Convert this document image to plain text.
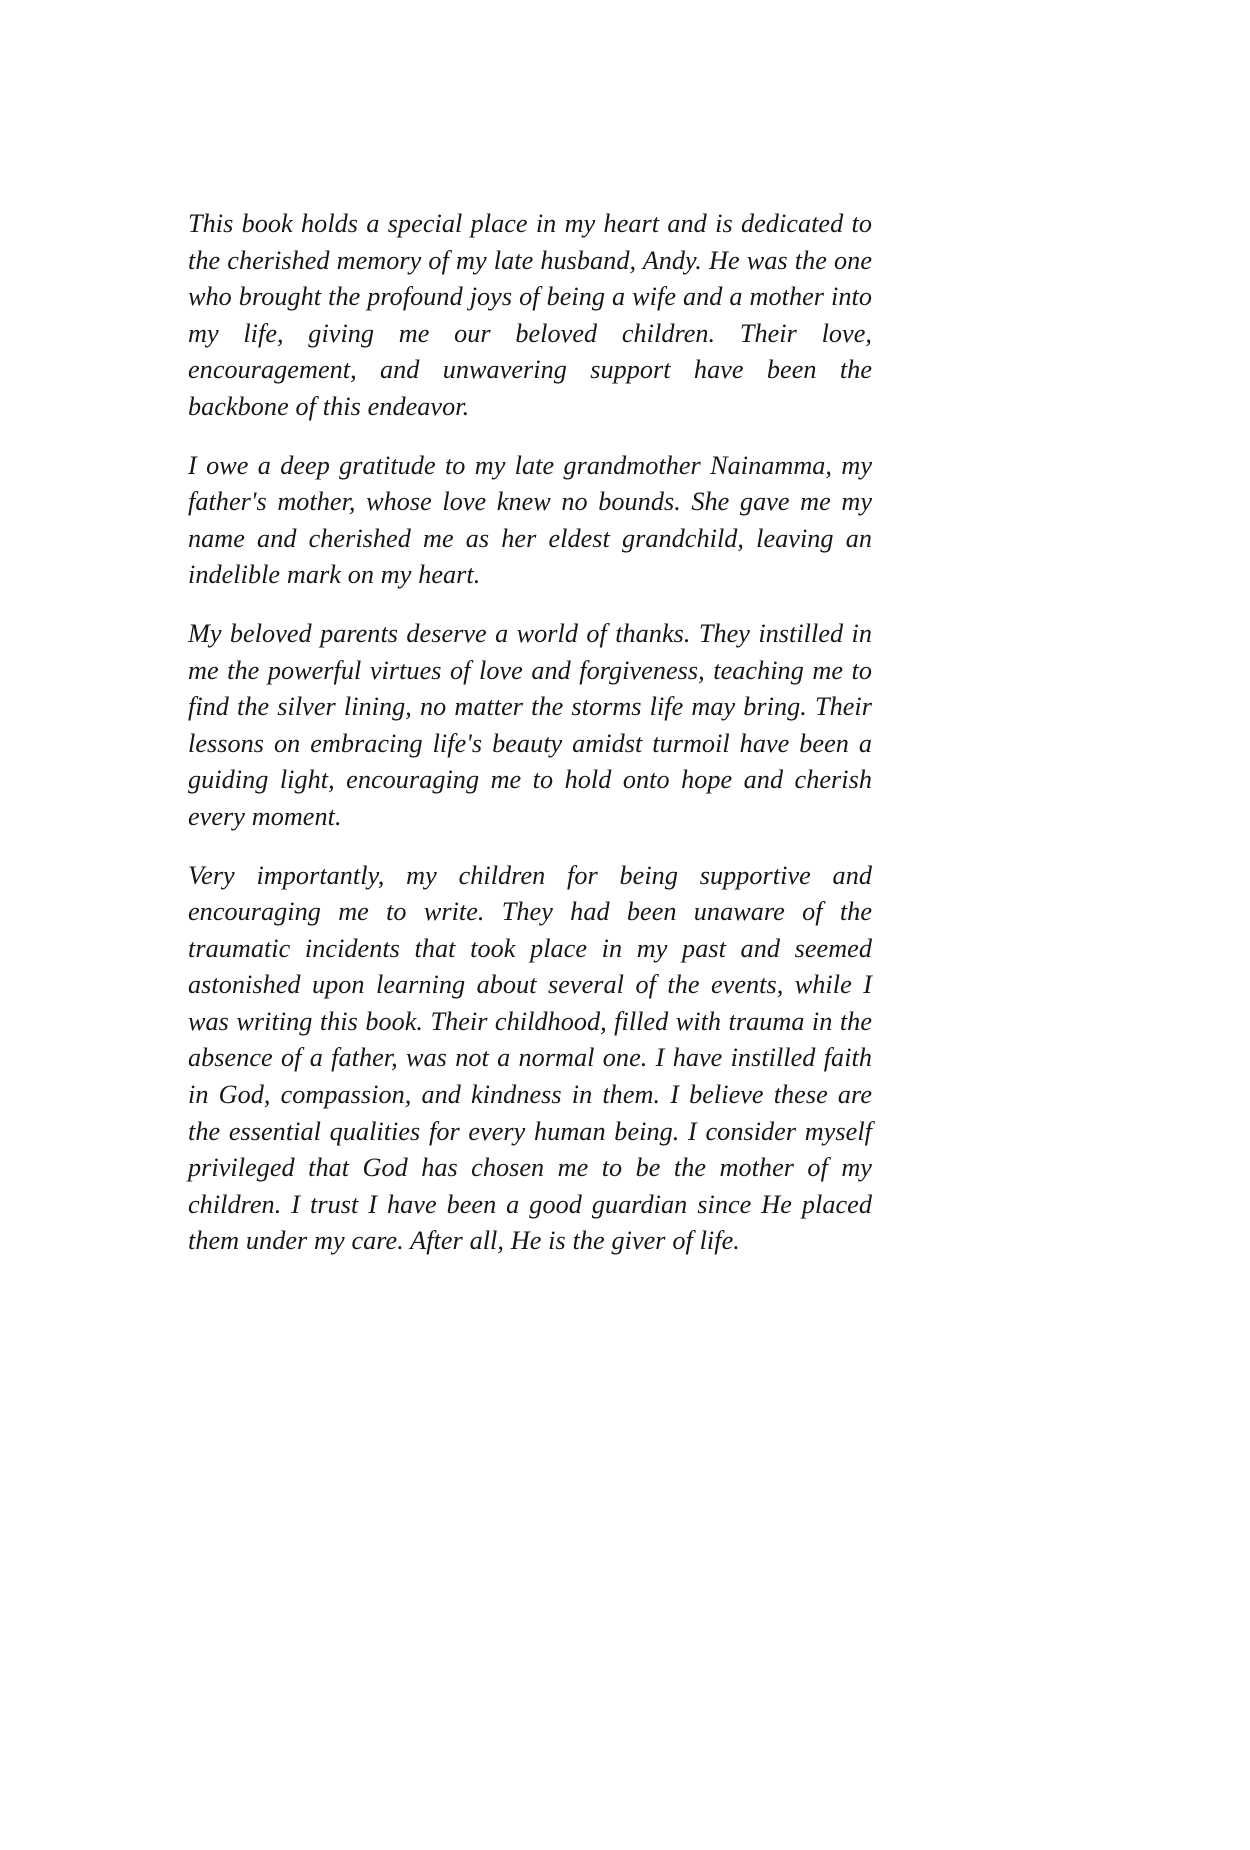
This book holds a special place in my heart and is dedicated to the cherished memory of my late husband, Andy. He was the one who brought the profound joys of being a wife and a mother into my life, giving me our beloved children. Their love, encouragement, and unwavering support have been the backbone of this endeavor.

I owe a deep gratitude to my late grandmother Nainamma, my father's mother, whose love knew no bounds. She gave me my name and cherished me as her eldest grandchild, leaving an indelible mark on my heart.

My beloved parents deserve a world of thanks. They instilled in me the powerful virtues of love and forgiveness, teaching me to find the silver lining, no matter the storms life may bring. Their lessons on embracing life's beauty amidst turmoil have been a guiding light, encouraging me to hold onto hope and cherish every moment.

Very importantly, my children for being supportive and encouraging me to write. They had been unaware of the traumatic incidents that took place in my past and seemed astonished upon learning about several of the events, while I was writing this book. Their childhood, filled with trauma in the absence of a father, was not a normal one. I have instilled faith in God, compassion, and kindness in them. I believe these are the essential qualities for every human being. I consider myself privileged that God has chosen me to be the mother of my children. I trust I have been a good guardian since He placed them under my care. After all, He is the giver of life.
